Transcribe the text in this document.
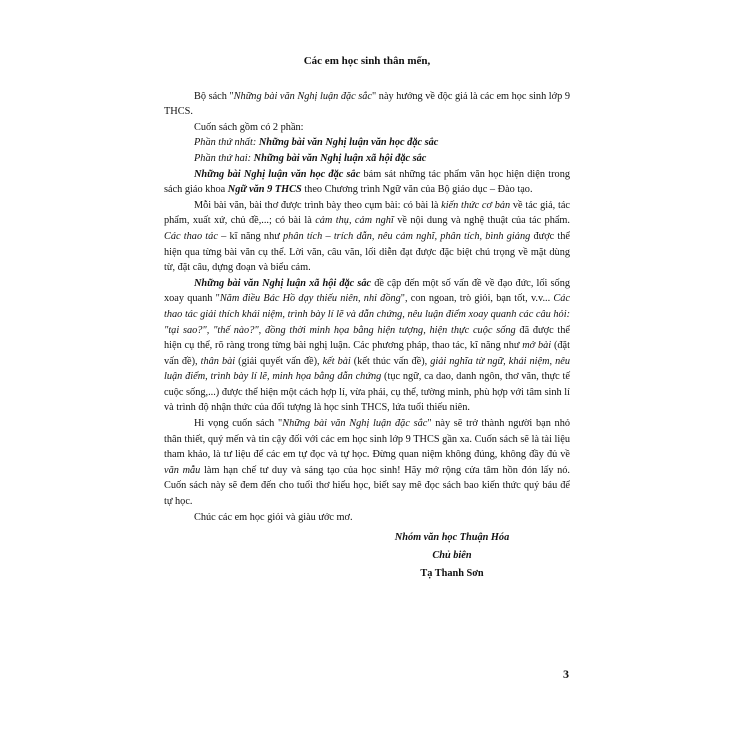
Các em học sinh thân mến,

Bộ sách "Những bài văn Nghị luận đặc sắc" này hướng về độc giả là các em học sinh lớp 9 THCS.

Cuốn sách gồm có 2 phần:

Phần thứ nhất: Những bài văn Nghị luận văn học đặc sắc

Phần thứ hai: Những bài văn Nghị luận xã hội đặc sắc

Những bài Nghị luận văn học đặc sắc bám sát những tác phẩm văn học hiện diện trong sách giáo khoa Ngữ văn 9 THCS theo Chương trình Ngữ văn của Bộ giáo dục – Đào tạo.

Mỗi bài văn, bài thơ được trình bày theo cụm bài: có bài là kiến thức cơ bản về tác giả, tác phẩm, xuất xứ, chủ đề,...; có bài là cảm thụ, cảm nghĩ về nội dung và nghệ thuật của tác phẩm. Các thao tác – kĩ năng như phân tích – trích dẫn, nêu cảm nghĩ, phân tích, bình giảng được thể hiện qua từng bài văn cụ thể. Lời văn, câu văn, lối diễn đạt được đặc biệt chú trọng về mặt dùng từ, đặt câu, dựng đoạn và biểu cảm.

Những bài văn Nghị luận xã hội đặc sắc đề cập đến một số vấn đề về đạo đức, lối sống xoay quanh "Năm điều Bác Hồ dạy thiếu niên, nhi đồng", con ngoan, trò giỏi, bạn tốt, v.v... Các thao tác giải thích khái niệm, trình bày lí lẽ và dẫn chứng, nêu luận điểm xoay quanh các câu hỏi: "tại sao?", "thế nào?", đồng thời minh họa bằng hiện tượng, hiện thực cuộc sống đã được thể hiện cụ thể, rõ ràng trong từng bài nghị luận. Các phương pháp, thao tác, kĩ năng như mở bài (đặt vấn đề), thân bài (giải quyết vấn đề), kết bài (kết thúc vấn đề), giải nghĩa từ ngữ, khái niệm, nêu luận điểm, trình bày lí lẽ, minh họa bằng dẫn chứng (tục ngữ, ca dao, danh ngôn, thơ văn, thực tế cuộc sống,...) được thể hiện một cách hợp lí, vừa phải, cụ thể, tường minh, phù hợp với tâm sinh lí và trình độ nhận thức của đối tượng là học sinh THCS, lứa tuổi thiếu niên.

Hi vọng cuốn sách "Những bài văn Nghị luận đặc sắc" này sẽ trở thành người bạn nhỏ thân thiết, quý mến và tin cậy đối với các em học sinh lớp 9 THCS gần xa. Cuốn sách sẽ là tài liệu tham khảo, là tư liệu để các em tự đọc và tự học. Đừng quan niệm không đúng, không đầy đủ về văn mẫu làm hạn chế tư duy và sáng tạo của học sinh! Hãy mở rộng cửa tâm hồn đón lấy nó. Cuốn sách này sẽ đem đến cho tuổi thơ hiếu học, biết say mê đọc sách bao kiến thức quý báu để tự học.

Chúc các em học giỏi và giàu ước mơ.

Nhóm văn học Thuận Hóa
Chủ biên
Tạ Thanh Sơn
3
